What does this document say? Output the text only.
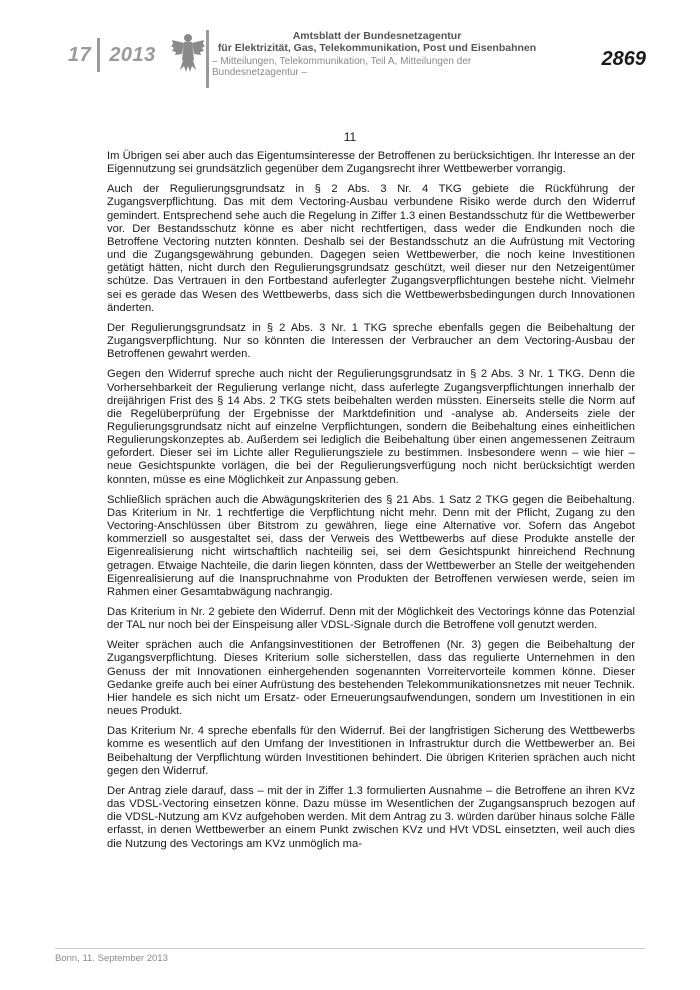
17 2013
Amtsblatt der Bundesnetzagentur
für Elektrizität, Gas, Telekommunikation, Post und Eisenbahnen
– Mitteilungen, Telekommunikation, Teil A, Mitteilungen der Bundesnetzagentur –
2869
11

Im Übrigen sei aber auch das Eigentumsinteresse der Betroffenen zu berücksichtigen. Ihr Interesse an der Eigennutzung sei grundsätzlich gegenüber dem Zugangsrecht ihrer Wettbewerber vorrangig.

Auch der Regulierungsgrundsatz in § 2 Abs. 3 Nr. 4 TKG gebiete die Rückführung der Zugangsverpflichtung. Das mit dem Vectoring-Ausbau verbundene Risiko werde durch den Widerruf gemindert. Entsprechend sehe auch die Regelung in Ziffer 1.3 einen Bestandsschutz für die Wettbewerber vor. Der Bestandsschutz könne es aber nicht rechtfertigen, dass weder die Endkunden noch die Betroffene Vectoring nutzten könnten. Deshalb sei der Bestandsschutz an die Aufrüstung mit Vectoring und die Zugangsgewährung gebunden. Dagegen seien Wettbewerber, die noch keine Investitionen getätigt hätten, nicht durch den Regulierungsgrundsatz geschützt, weil dieser nur den Netzeigentümer schütze. Das Vertrauen in den Fortbestand auferlegter Zugangsverpflichtungen bestehe nicht. Vielmehr sei es gerade das Wesen des Wettbewerbs, dass sich die Wettbewerbsbedingungen durch Innovationen änderten.

Der Regulierungsgrundsatz in § 2 Abs. 3 Nr. 1 TKG spreche ebenfalls gegen die Beibehaltung der Zugangsverpflichtung. Nur so könnten die Interessen der Verbraucher an dem Vectoring-Ausbau der Betroffenen gewahrt werden.

Gegen den Widerruf spreche auch nicht der Regulierungsgrundsatz in § 2 Abs. 3 Nr. 1 TKG. Denn die Vorhersehbarkeit der Regulierung verlange nicht, dass auferlegte Zugangsverpflichtungen innerhalb der dreijährigen Frist des § 14 Abs. 2 TKG stets beibehalten werden müssten. Einerseits stelle die Norm auf die Regelüberprüfung der Ergebnisse der Marktdefinition und -analyse ab. Anderseits ziele der Regulierungsgrundsatz nicht auf einzelne Verpflichtungen, sondern die Beibehaltung eines einheitlichen Regulierungskonzeptes ab. Außerdem sei lediglich die Beibehaltung über einen angemessenen Zeitraum gefordert. Dieser sei im Lichte aller Regulierungsziele zu bestimmen. Insbesondere wenn – wie hier – neue Gesichtspunkte vorlägen, die bei der Regulierungsverfügung noch nicht berücksichtigt werden konnten, müsse es eine Möglichkeit zur Anpassung geben.

Schließlich sprächen auch die Abwägungskriterien des § 21 Abs. 1 Satz 2 TKG gegen die Beibehaltung. Das Kriterium in Nr. 1 rechtfertige die Verpflichtung nicht mehr. Denn mit der Pflicht, Zugang zu den Vectoring-Anschlüssen über Bitstrom zu gewähren, liege eine Alternative vor. Sofern das Angebot kommerziell so ausgestaltet sei, dass der Verweis des Wettbewerbs auf diese Produkte anstelle der Eigenrealisierung nicht wirtschaftlich nachteilig sei, sei dem Gesichtspunkt hinreichend Rechnung getragen. Etwaige Nachteile, die darin liegen könnten, dass der Wettbewerber an Stelle der weitgehenden Eigenrealisierung auf die Inanspruchnahme von Produkten der Betroffenen verwiesen werde, seien im Rahmen einer Gesamtabwägung nachrangig.

Das Kriterium in Nr. 2 gebiete den Widerruf. Denn mit der Möglichkeit des Vectorings könne das Potenzial der TAL nur noch bei der Einspeisung aller VDSL-Signale durch die Betroffene voll genutzt werden.

Weiter sprächen auch die Anfangsinvestitionen der Betroffenen (Nr. 3) gegen die Beibehaltung der Zugangsverpflichtung. Dieses Kriterium solle sicherstellen, dass das regulierte Unternehmen in den Genuss der mit Innovationen einhergehenden sogenannten Vorreitervorteile kommen könne. Dieser Gedanke greife auch bei einer Aufrüstung des bestehenden Telekommunikationsnetzes mit neuer Technik. Hier handele es sich nicht um Ersatz- oder Erneuerungsaufwendungen, sondern um Investitionen in ein neues Produkt.

Das Kriterium Nr. 4 spreche ebenfalls für den Widerruf. Bei der langfristigen Sicherung des Wettbewerbs komme es wesentlich auf den Umfang der Investitionen in Infrastruktur durch die Wettbewerber an. Bei Beibehaltung der Verpflichtung würden Investitionen behindert. Die übrigen Kriterien sprächen auch nicht gegen den Widerruf.

Der Antrag ziele darauf, dass – mit der in Ziffer 1.3 formulierten Ausnahme – die Betroffene an ihren KVz das VDSL-Vectoring einsetzen könne. Dazu müsse im Wesentlichen der Zugangsanspruch bezogen auf die VDSL-Nutzung am KVz aufgehoben werden. Mit dem Antrag zu 3. würden darüber hinaus solche Fälle erfasst, in denen Wettbewerber an einem Punkt zwischen KVz und HVt VDSL einsetzten, weil auch dies die Nutzung des Vectorings am KVz unmöglich ma-

Bonn, 11. September 2013
